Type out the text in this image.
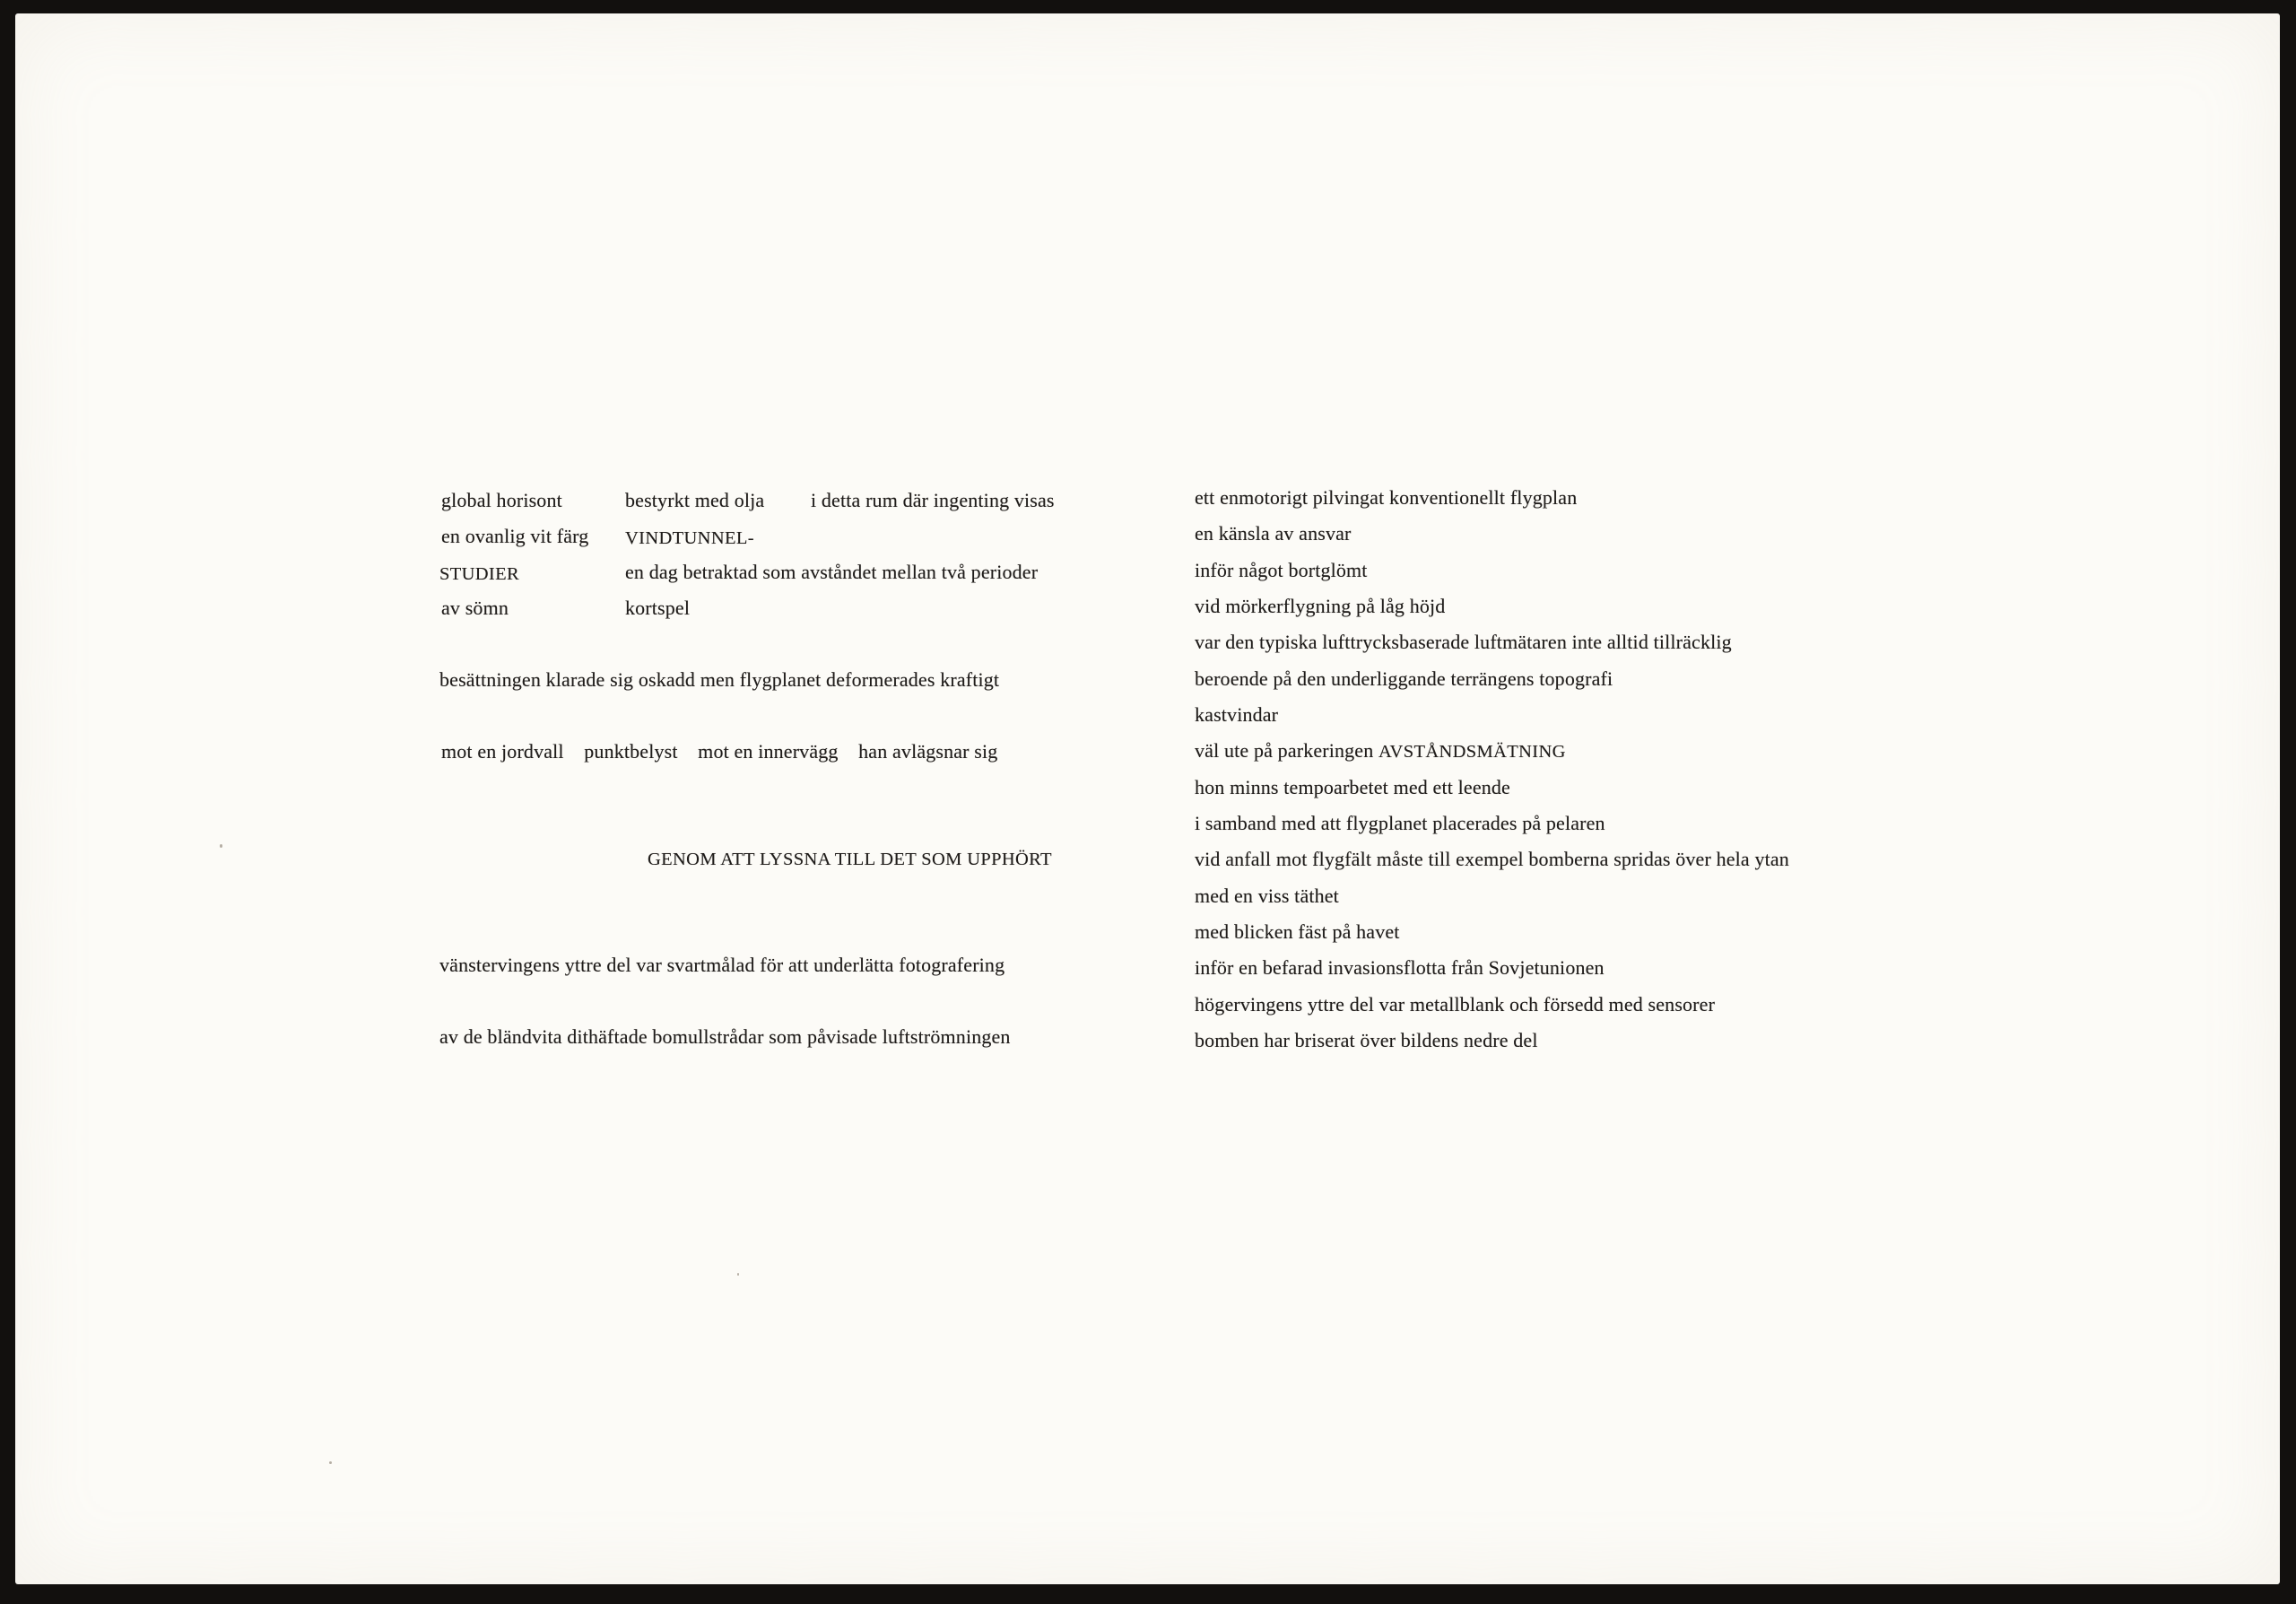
global horisont	bestyrkt med olja i detta rum där ingenting visas
en ovanlig vit färg VINDTUNNEL-
STUDIER	en dag betraktad som avståndet mellan två perioder
av sömn	kortspel
besättningen klarade sig oskadd men flygplanet deformerades kraftigt
mot en jordvall    punktbelyst    mot en innervägg    han avlägsnar sig
GENOM ATT LYSSNA TILL DET SOM UPPHÖRT
vänstervingens yttre del var svartmålad för att underlätta fotografering
av de bländvita dithäftade bomullstrådar som påvisade luftströmningen
ett enmotorigt pilvingat konventionellt flygplan
en känsla av ansvar
inför något bortglömt
vid mörkerflygning på låg höjd
var den typiska lufttrycksbaserade luftmätaren inte alltid tillräcklig
beroende på den underliggande terrängens topografi
kastvindar
väl ute på parkeringen AVSTÅNDSMÄTNING
hon minns tempoarbetet med ett leende
i samband med att flygplanet placerades på pelaren
vid anfall mot flygfält måste till exempel bomberna spridas över hela ytan
med en viss täthet
med blicken fäst på havet
inför en befarad invasionsflotta från Sovjetunionen
högervingens yttre del var metallblank och försedd med sensorer
bomben har briserat över bildens nedre del
